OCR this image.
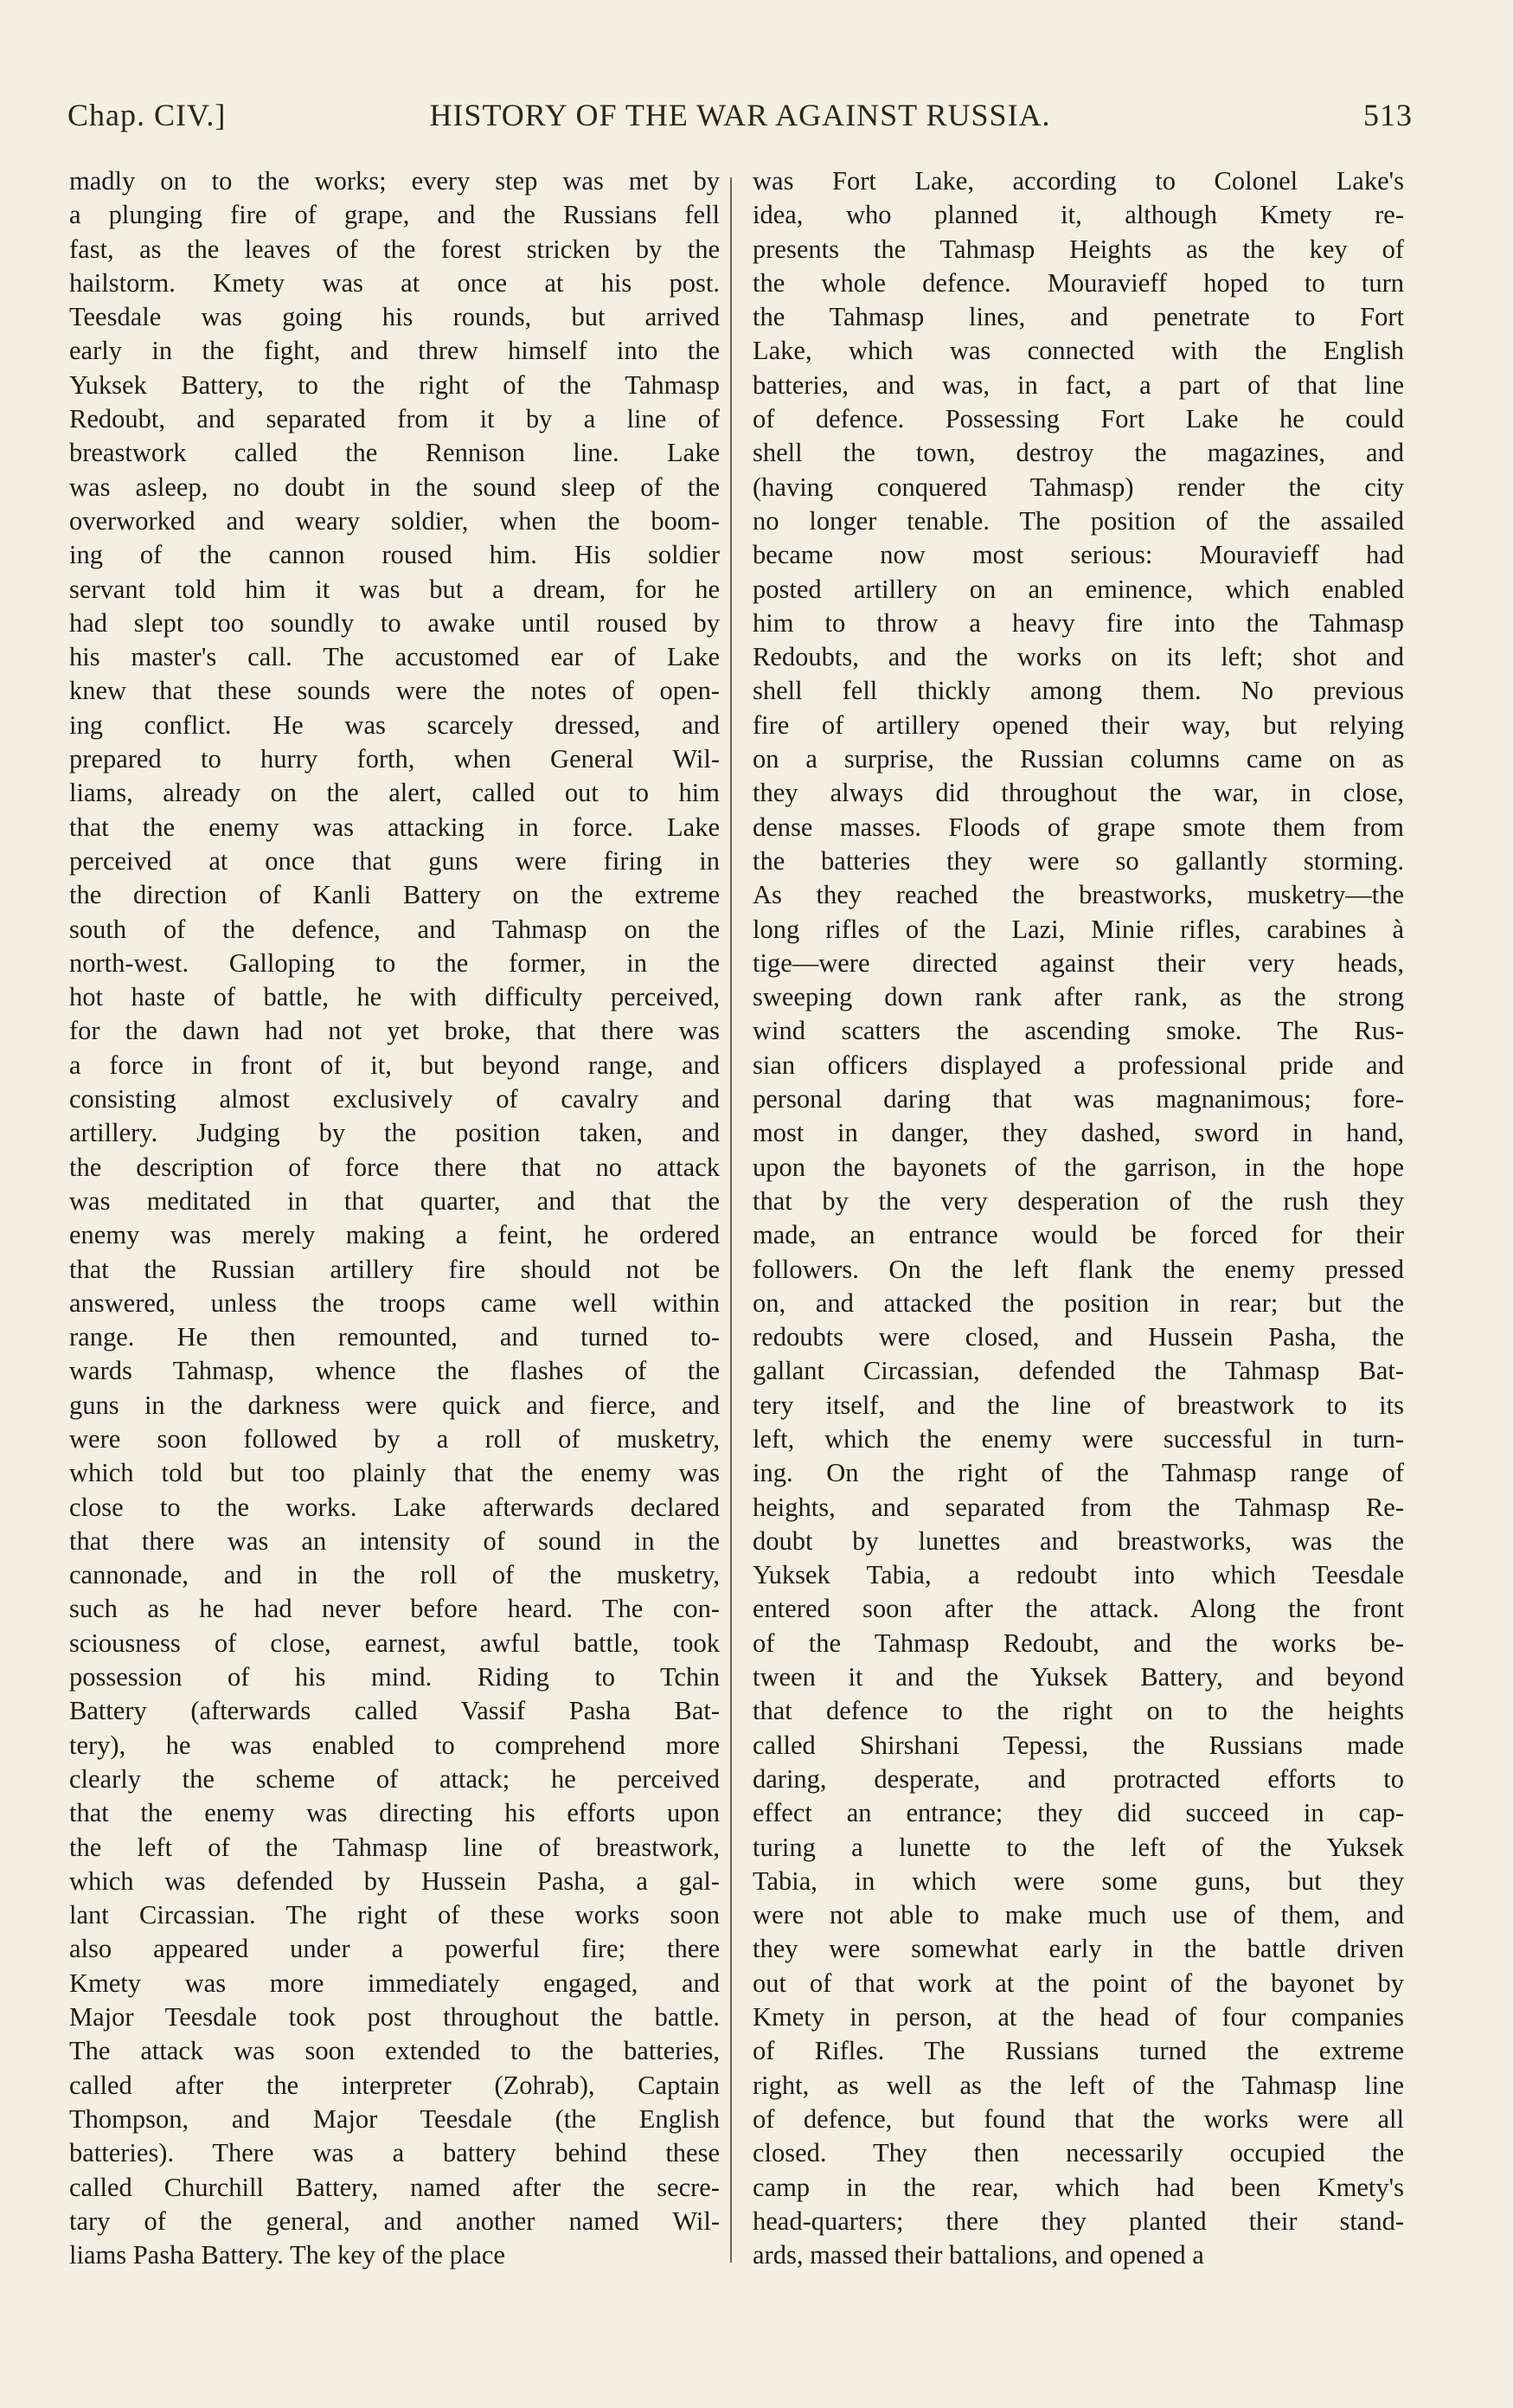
Chap. CIV.]	HISTORY OF THE WAR AGAINST RUSSIA.	513
madly on to the works; every step was met by
a plunging fire of grape, and the Russians fell
fast, as the leaves of the forest stricken by the
hailstorm. Kmety was at once at his post.
Teesdale was going his rounds, but arrived
early in the fight, and threw himself into the
Yuksek Battery, to the right of the Tahmasp
Redoubt, and separated from it by a line of
breastwork called the Rennison line. Lake
was asleep, no doubt in the sound sleep of the
overworked and weary soldier, when the boom-
ing of the cannon roused him. His soldier
servant told him it was but a dream, for he
had slept too soundly to awake until roused by
his master's call. The accustomed ear of Lake
knew that these sounds were the notes of open-
ing conflict. He was scarcely dressed, and
prepared to hurry forth, when General Wil-
liams, already on the alert, called out to him
that the enemy was attacking in force. Lake
perceived at once that guns were firing in
the direction of Kanli Battery on the extreme
south of the defence, and Tahmasp on the
north-west. Galloping to the former, in the
hot haste of battle, he with difficulty perceived,
for the dawn had not yet broke, that there was
a force in front of it, but beyond range, and
consisting almost exclusively of cavalry and
artillery. Judging by the position taken, and
the description of force there that no attack
was meditated in that quarter, and that the
enemy was merely making a feint, he ordered
that the Russian artillery fire should not be
answered, unless the troops came well within
range. He then remounted, and turned to-
wards Tahmasp, whence the flashes of the
guns in the darkness were quick and fierce, and
were soon followed by a roll of musketry,
which told but too plainly that the enemy was
close to the works. Lake afterwards declared
that there was an intensity of sound in the
cannonade, and in the roll of the musketry,
such as he had never before heard. The con-
sciousness of close, earnest, awful battle, took
possession of his mind. Riding to Tchin
Battery (afterwards called Vassif Pasha Bat-
tery), he was enabled to comprehend more
clearly the scheme of attack; he perceived
that the enemy was directing his efforts upon
the left of the Tahmasp line of breastwork,
which was defended by Hussein Pasha, a gal-
lant Circassian. The right of these works soon
also appeared under a powerful fire; there
Kmety was more immediately engaged, and
Major Teesdale took post throughout the battle.
The attack was soon extended to the batteries,
called after the interpreter (Zohrab), Captain
Thompson, and Major Teesdale (the English
batteries). There was a battery behind these
called Churchill Battery, named after the secre-
tary of the general, and another named Wil-
liams Pasha Battery. The key of the place
was Fort Lake, according to Colonel Lake's
idea, who planned it, although Kmety re-
presents the Tahmasp Heights as the key of
the whole defence. Mouravieff hoped to turn
the Tahmasp lines, and penetrate to Fort
Lake, which was connected with the English
batteries, and was, in fact, a part of that line
of defence. Possessing Fort Lake he could
shell the town, destroy the magazines, and
(having conquered Tahmasp) render the city
no longer tenable. The position of the assailed
became now most serious: Mouravieff had
posted artillery on an eminence, which enabled
him to throw a heavy fire into the Tahmasp
Redoubts, and the works on its left; shot and
shell fell thickly among them. No previous
fire of artillery opened their way, but relying
on a surprise, the Russian columns came on as
they always did throughout the war, in close,
dense masses. Floods of grape smote them from
the batteries they were so gallantly storming.
As they reached the breastworks, musketry—the
long rifles of the Lazi, Minie rifles, carabines à
tige—were directed against their very heads,
sweeping down rank after rank, as the strong
wind scatters the ascending smoke. The Rus-
sian officers displayed a professional pride and
personal daring that was magnanimous; fore-
most in danger, they dashed, sword in hand,
upon the bayonets of the garrison, in the hope
that by the very desperation of the rush they
made, an entrance would be forced for their
followers. On the left flank the enemy pressed
on, and attacked the position in rear; but the
redoubts were closed, and Hussein Pasha, the
gallant Circassian, defended the Tahmasp Bat-
tery itself, and the line of breastwork to its
left, which the enemy were successful in turn-
ing. On the right of the Tahmasp range of
heights, and separated from the Tahmasp Re-
doubt by lunettes and breastworks, was the
Yuksek Tabia, a redoubt into which Teesdale
entered soon after the attack. Along the front
of the Tahmasp Redoubt, and the works be-
tween it and the Yuksek Battery, and beyond
that defence to the right on to the heights
called Shirshani Tepessi, the Russians made
daring, desperate, and protracted efforts to
effect an entrance; they did succeed in cap-
turing a lunette to the left of the Yuksek
Tabia, in which were some guns, but they
were not able to make much use of them, and
they were somewhat early in the battle driven
out of that work at the point of the bayonet by
Kmety in person, at the head of four companies
of Rifles. The Russians turned the extreme
right, as well as the left of the Tahmasp line
of defence, but found that the works were all
closed. They then necessarily occupied the
camp in the rear, which had been Kmety's
head-quarters; there they planted their stand-
ards, massed their battalions, and opened a
